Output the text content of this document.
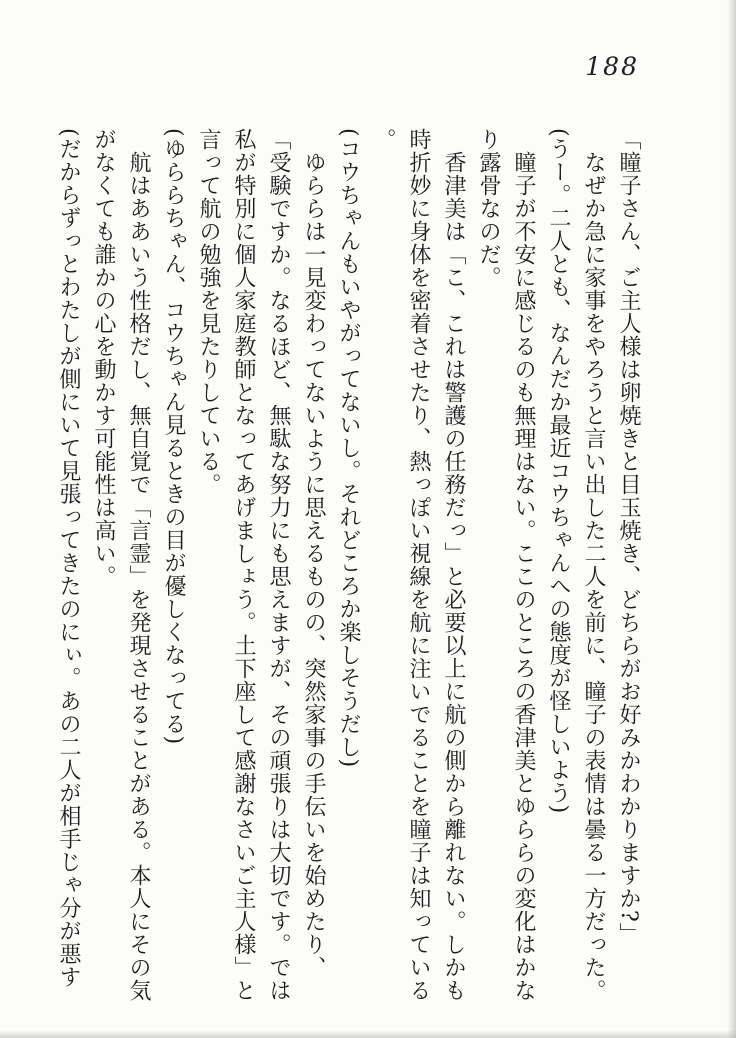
188

「瞳子さん、ご主人様は卵焼きと目玉焼き、どちらがお好みかわかりますか?」

なぜか急に家事をやろうと言い出した二人を前に、瞳子の表情は曇る一方だった。

(うー。二人とも、なんだか最近コウちゃんへの態度が怪しいよう)

瞳子が不安に感じるのも無理はない。ここのところの香津美とゆららの変化はかなり露骨なのだ。

香津美は「こ、これは警護の任務だっ」と必要以上に航の側から離れない。しかも時折妙に身体を密着させたり、熱っぽい視線を航に注いでることを瞳子は知っている。

(コウちゃんもいやがってないし。それどころか楽しそうだし)

ゆららは一見変わってないように思えるものの、突然家事の手伝いを始めたり、

「受験ですか。なるほど、無駄な努力にも思えますが、その頑張りは大切です。では私が特別に個人家庭教師となってあげましょう。土下座して感謝なさいご主人様」と言って航の勉強を見たりしている。

(ゆららちゃん、コウちゃん見るときの目が優しくなってる)

航はああいう性格だし、無自覚で「言霊」を発現させることがある。本人にその気がなくても誰かの心を動かす可能性は高い。

(だからずっとわたしが側にいて見張ってきたのにぃ。あの二人が相手じゃ分が悪す
